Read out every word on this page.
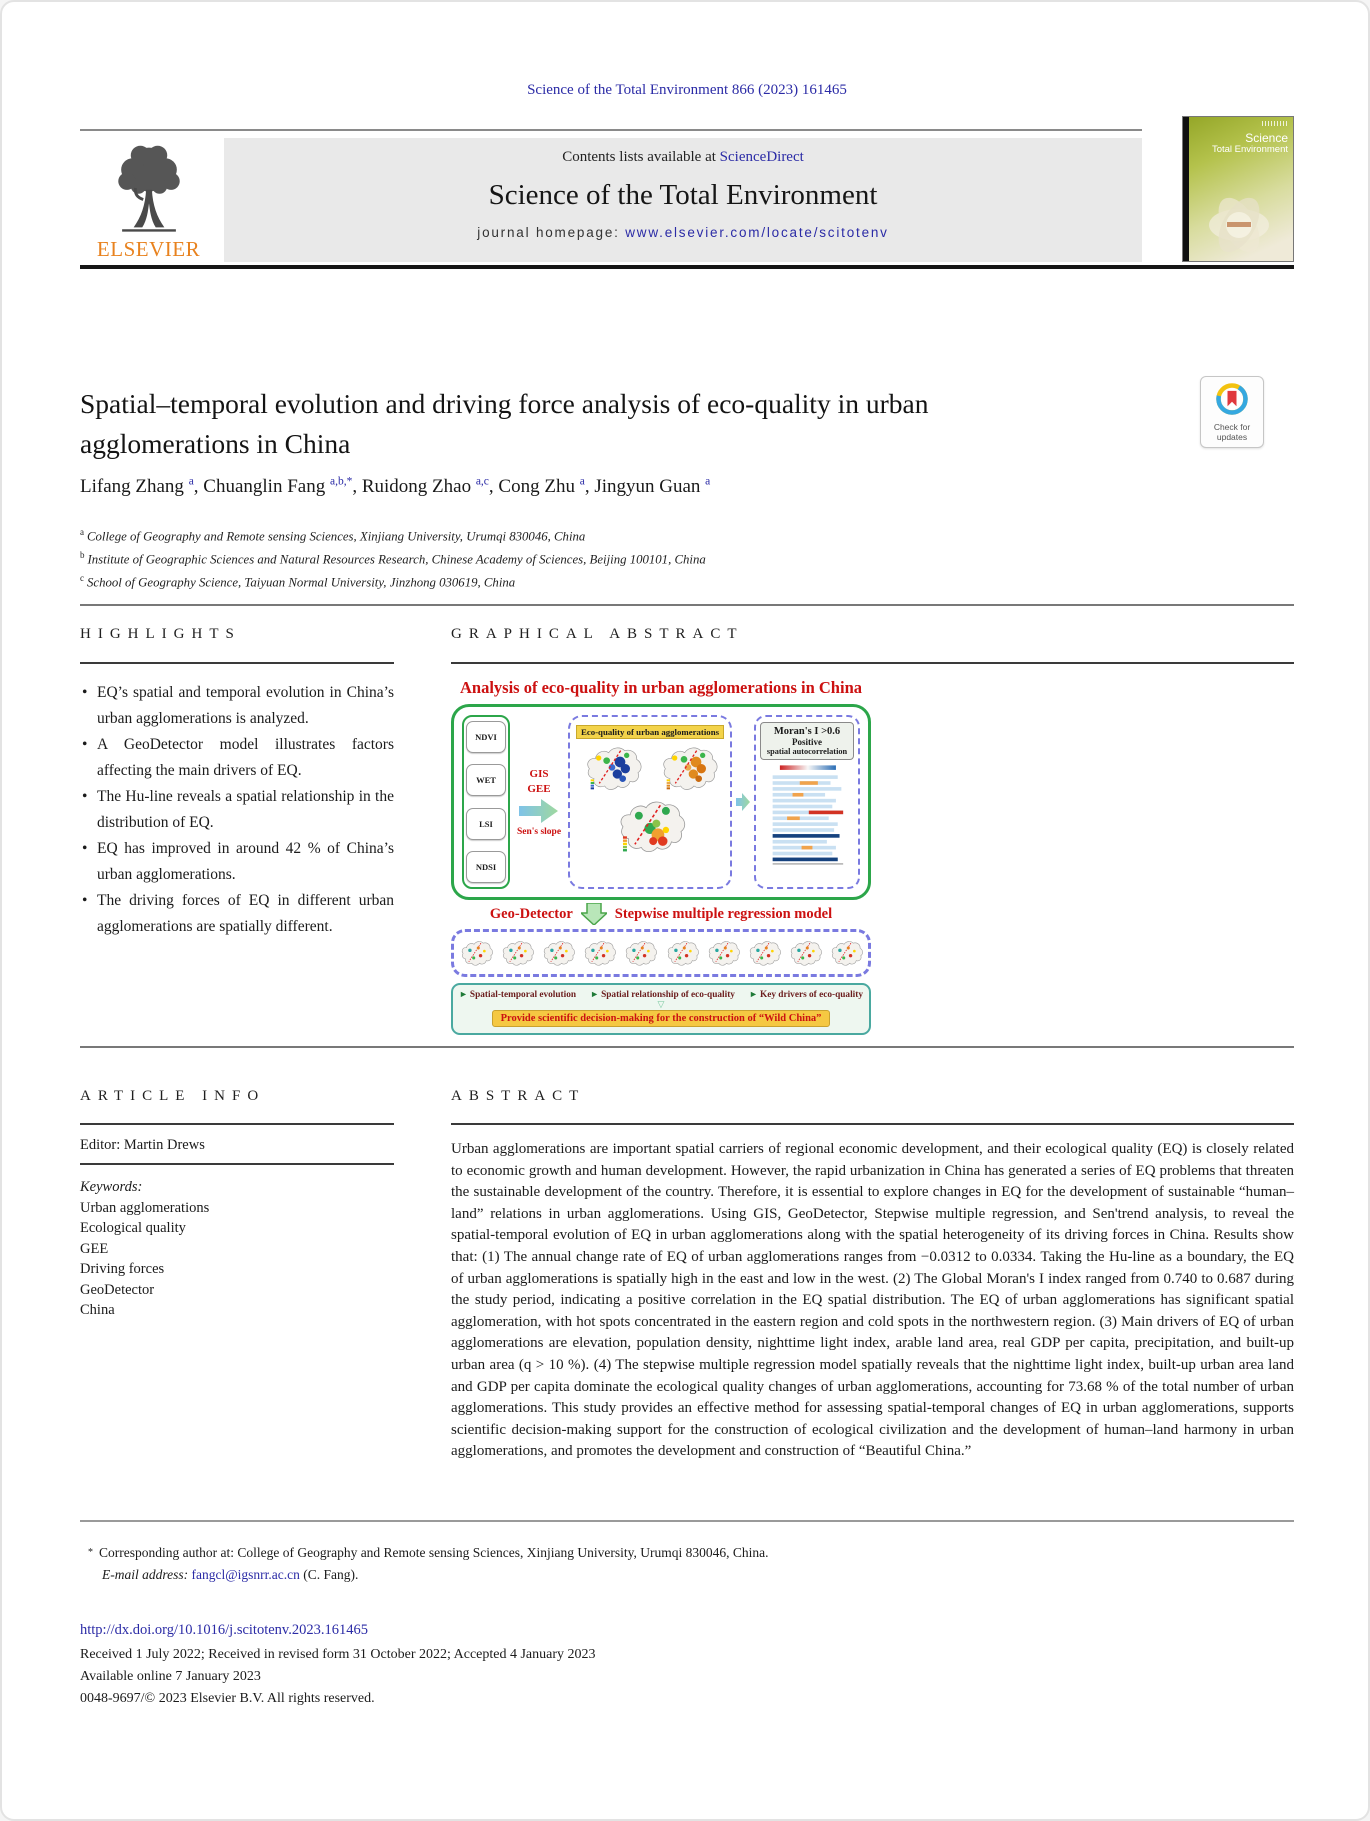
Science of the Total Environment 866 (2023) 161465
ELSEVIER
Contents lists available at ScienceDirect
Science of the Total Environment
journal homepage: www.elsevier.com/locate/scitotenv
Science
Total Environment
Spatial–temporal evolution and driving force analysis of eco-quality in urban agglomerations in China
Check for
updates
Lifang Zhang $^a$ , Chuanglin Fang $^{a,b,*}$ , Ruidong Zhao $^{a,c}$ , Cong Zhu $^a$ , Jingyun Guan $^a$
$^a$ College of Geography and Remote sensing Sciences, Xinjiang University, Urumqi 830046, China
$^b$ Institute of Geographic Sciences and Natural Resources Research, Chinese Academy of Sciences, Beijing 100101, China
$^c$ School of Geography Science, Taiyuan Normal University, Jinzhong 030619, China
HIGHLIGHTS
• EQ’s spatial and temporal evolution in China’s urban agglomerations is analyzed.
• A GeoDetector model illustrates factors affecting the main drivers of EQ.
• The Hu-line reveals a spatial relationship in the distribution of EQ.
• EQ has improved in around 42 % of China’s urban agglomerations.
• The driving forces of EQ in different urban agglomerations are spatially different.
GRAPHICAL ABSTRACT
Analysis of eco-quality in urban agglomerations in China
NDVI
WET
LSI
NDSI
GIS
GEE
Sen's slope
Eco-quality of urban agglomerations	Moran's I >0.6
Positive
spatial autocorrelation
Geo-Detector	Stepwise multiple regression model
► Spatial-temporal evolution ► Spatial relationship of eco-quality ► Key drivers of eco-quality
▽
Provide scientific decision-making for the construction of “Wild China”
ARTICLE INFO
Editor: Martin Drews
Keywords:
Urban agglomerations
Ecological quality
GEE
Driving forces
GeoDetector
China
ABSTRACT
Urban agglomerations are important spatial carriers of regional economic development, and their ecological quality (EQ) is closely related to economic growth and human development. However, the rapid urbanization in China has generated a series of EQ problems that threaten the sustainable development of the country. Therefore, it is essential to explore changes in EQ for the development of sustainable “human–land” relations in urban agglomerations. Using GIS, GeoDetector, Stepwise multiple regression, and Sen'trend analysis, to reveal the spatial-temporal evolution of EQ in urban agglomerations along with the spatial heterogeneity of its driving forces in China. Results show that: (1) The annual change rate of EQ of urban agglomerations ranges from −0.0312 to 0.0334. Taking the Hu-line as a boundary, the EQ of urban agglomerations is spatially high in the east and low in the west. (2) The Global Moran's I index ranged from 0.740 to 0.687 during the study period, indicating a positive correlation in the EQ spatial distribution. The EQ of urban agglomerations has significant spatial agglomeration, with hot spots concentrated in the eastern region and cold spots in the northwestern region. (3) Main drivers of EQ of urban agglomerations are elevation, population density, nighttime light index, arable land area, real GDP per capita, precipitation, and built-up urban area (q > 10 %). (4) The stepwise multiple regression model spatially reveals that the nighttime light index, built-up urban area land and GDP per capita dominate the ecological quality changes of urban agglomerations, accounting for 73.68 % of the total number of urban agglomerations. This study provides an effective method for assessing spatial-temporal changes of EQ in urban agglomerations, supports scientific decision-making support for the construction of ecological civilization and the development of human–land harmony in urban agglomerations, and promotes the development and construction of “Beautiful China.”
* Corresponding author at: College of Geography and Remote sensing Sciences, Xinjiang University, Urumqi 830046, China.
E-mail address: fangcl@igsnrr.ac.cn (C. Fang).
http://dx.doi.org/10.1016/j.scitotenv.2023.161465
Received 1 July 2022; Received in revised form 31 October 2022; Accepted 4 January 2023
Available online 7 January 2023
0048-9697/© 2023 Elsevier B.V. All rights reserved.
